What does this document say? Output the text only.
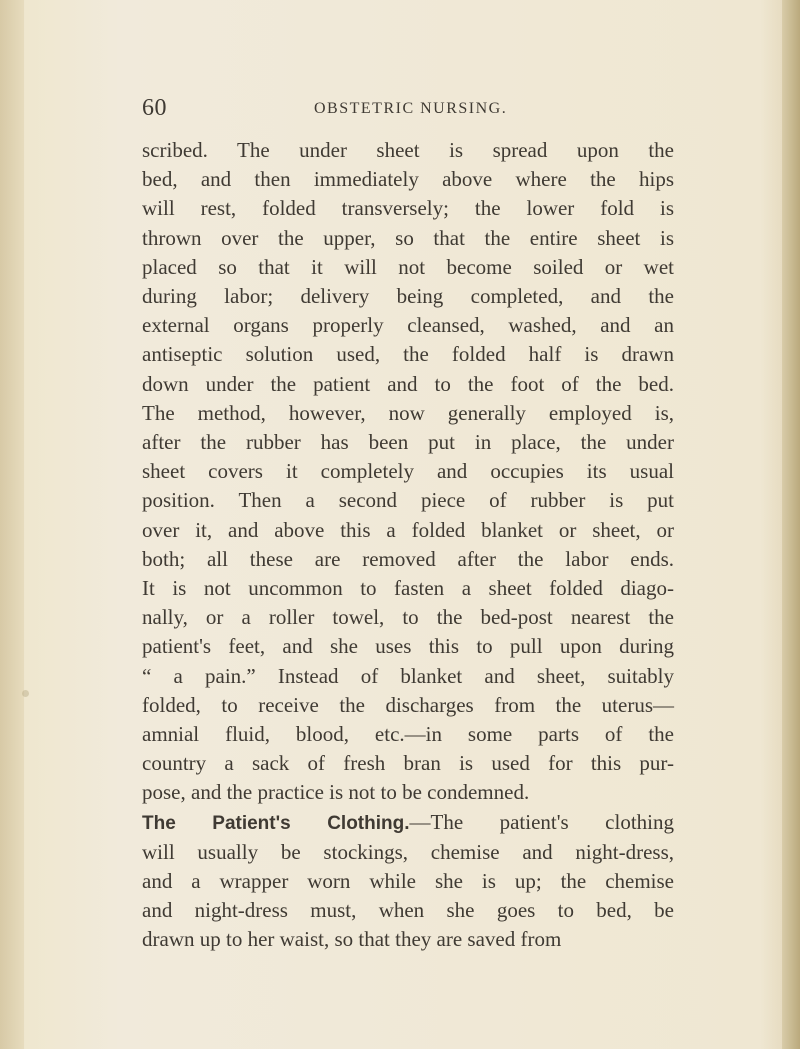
60	OBSTETRIC NURSING.
scribed. The under sheet is spread upon the
bed, and then immediately above where the hips
will rest, folded transversely; the lower fold is
thrown over the upper, so that the entire sheet is
placed so that it will not become soiled or wet
during labor; delivery being completed, and the
external organs properly cleansed, washed, and an
antiseptic solution used, the folded half is drawn
down under the patient and to the foot of the bed.
The method, however, now generally employed is,
after the rubber has been put in place, the under
sheet covers it completely and occupies its usual
position. Then a second piece of rubber is put
over it, and above this a folded blanket or sheet, or
both; all these are removed after the labor ends.
It is not uncommon to fasten a sheet folded diago-
nally, or a roller towel, to the bed-post nearest the
patient's feet, and she uses this to pull upon during
“ a pain.” Instead of blanket and sheet, suitably
folded, to receive the discharges from the uterus—
amnial fluid, blood, etc.—in some parts of the
country a sack of fresh bran is used for this pur-
pose, and the practice is not to be condemned.
The Patient's Clothing.—The patient's clothing
will usually be stockings, chemise and night-dress,
and a wrapper worn while she is up; the chemise
and night-dress must, when she goes to bed, be
drawn up to her waist, so that they are saved from
